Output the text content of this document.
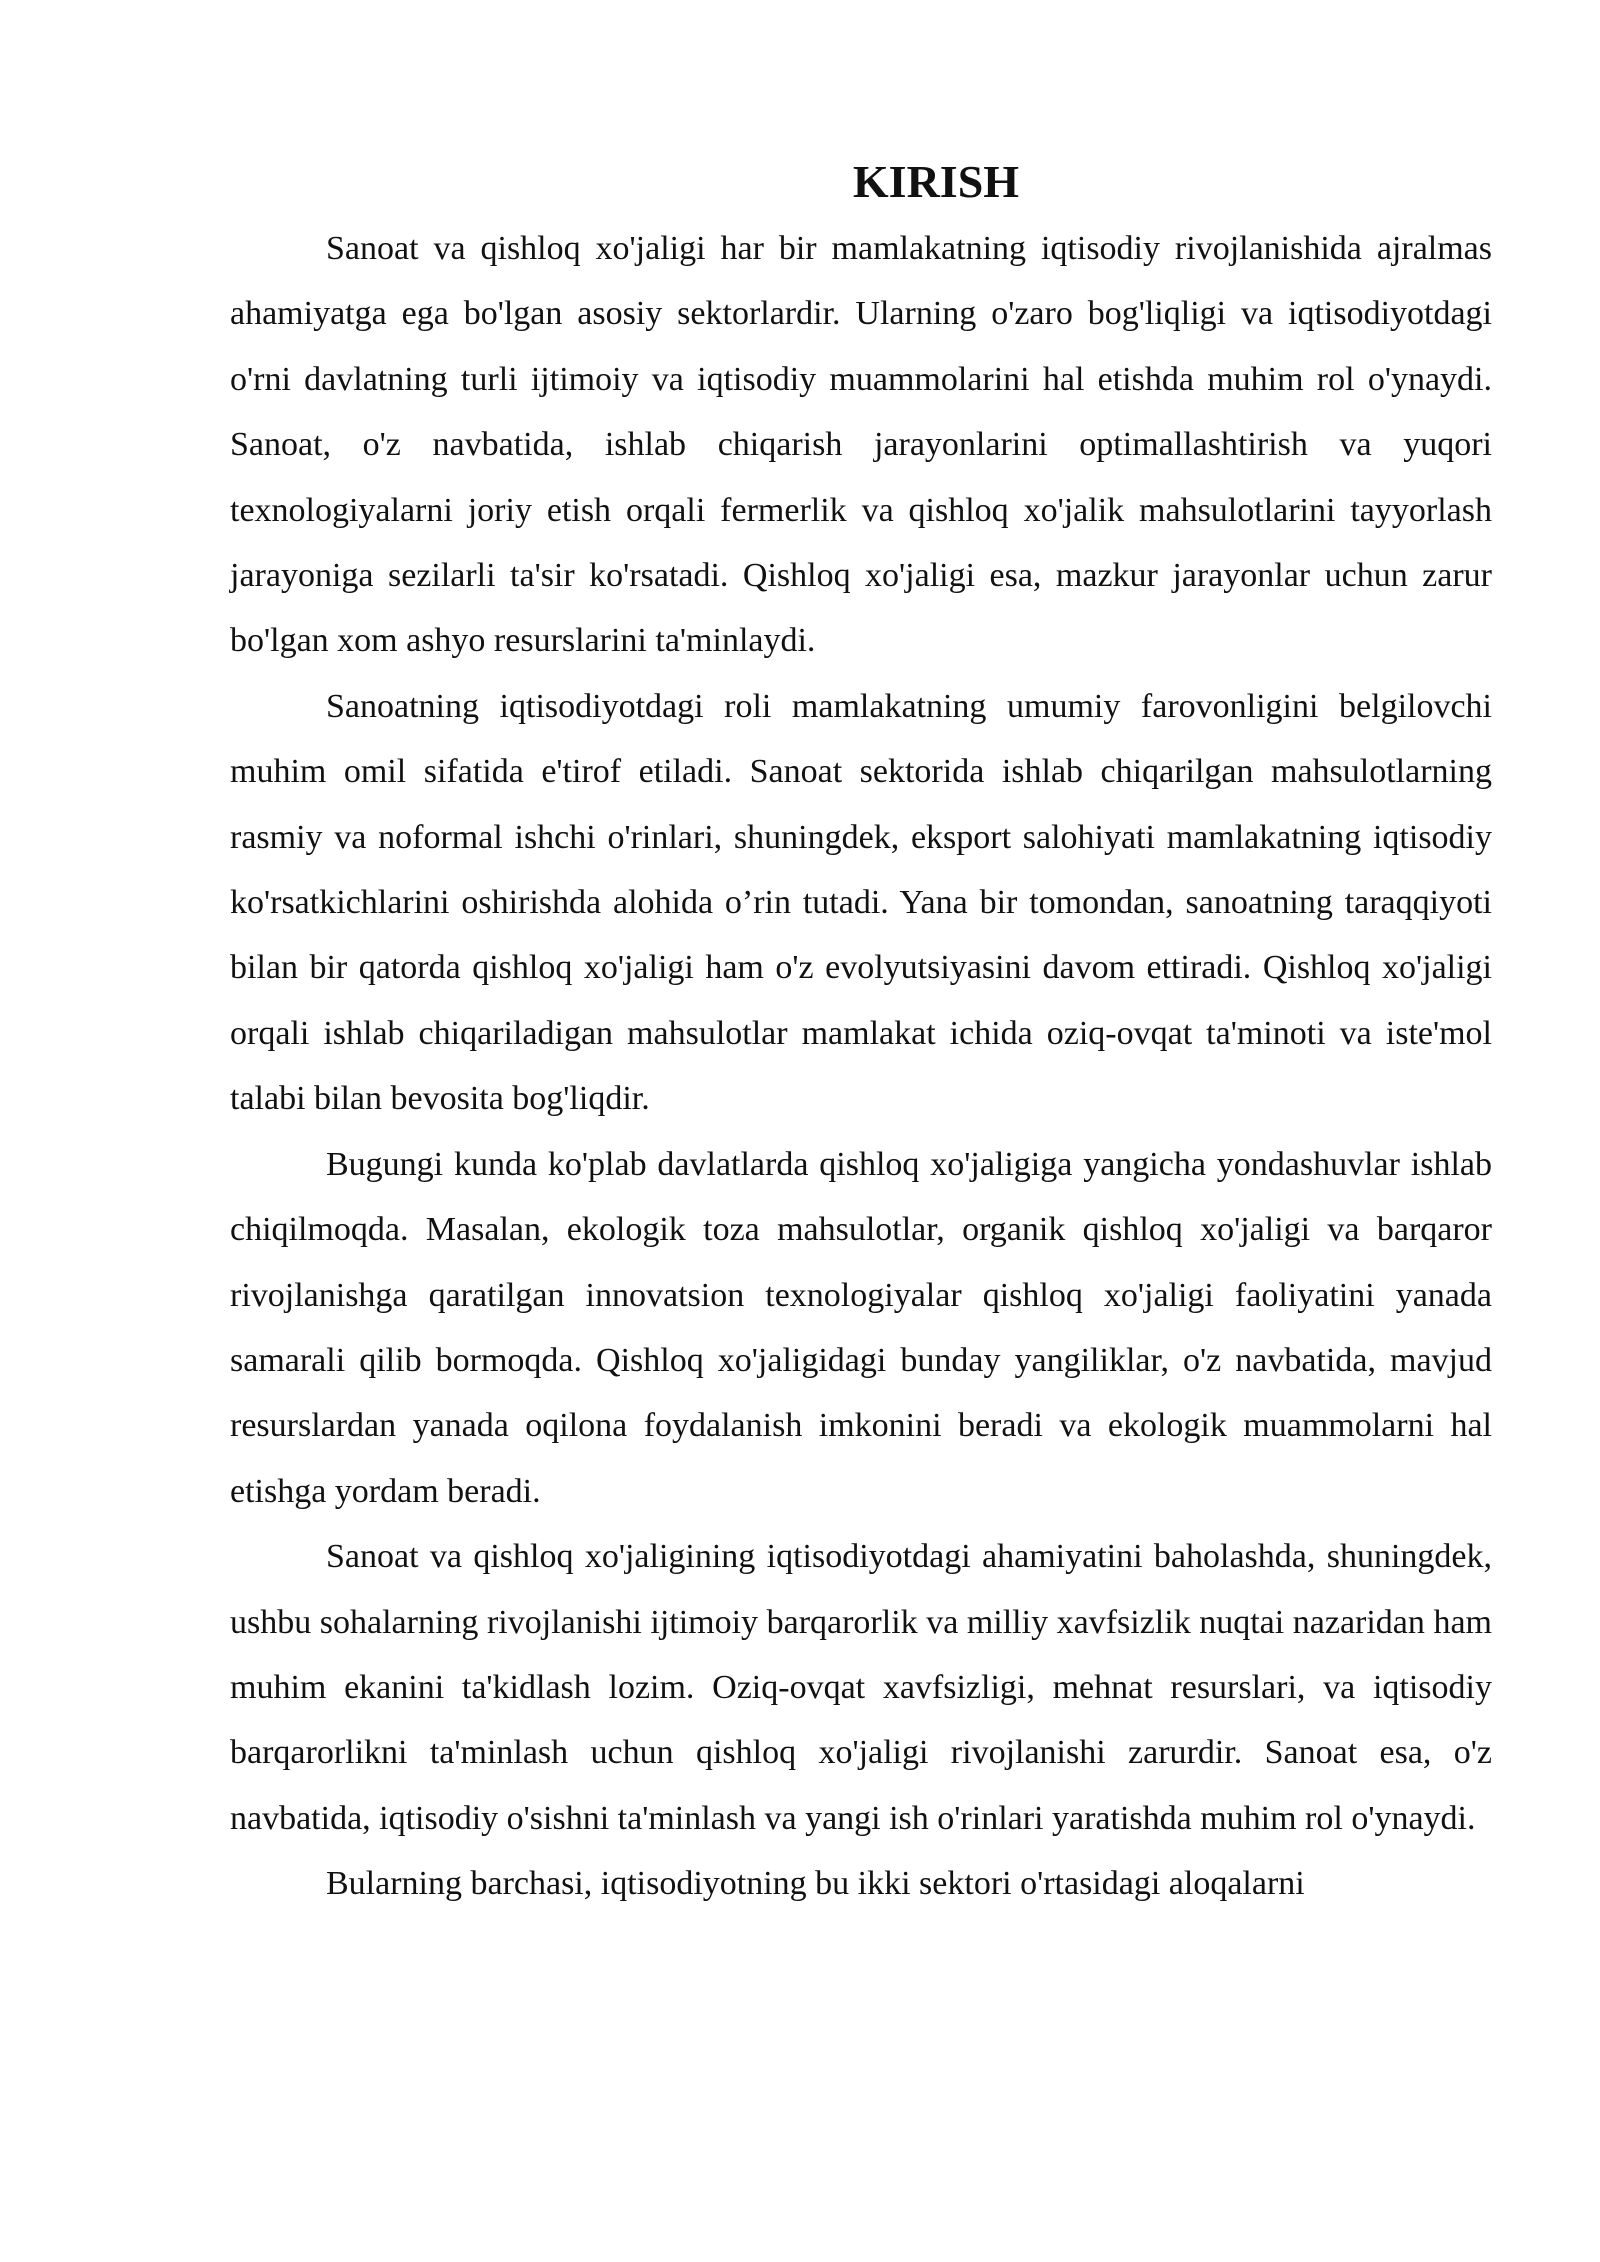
KIRISH

Sanoat va qishloq xo'jaligi har bir mamlakatning iqtisodiy rivojlanishida ajralmas ahamiyatga ega bo'lgan asosiy sektorlardir. Ularning o'zaro bog'liqligi va iqtisodiyotdagi o'rni davlatning turli ijtimoiy va iqtisodiy muammolarini hal etishda muhim rol o'ynaydi. Sanoat, o'z navbatida, ishlab chiqarish jarayonlarini optimallashtirish va yuqori texnologiyalarni joriy etish orqali fermerlik va qishloq xo'jalik mahsulotlarini tayyorlash jarayoniga sezilarli ta'sir ko'rsatadi. Qishloq xo'jaligi esa, mazkur jarayonlar uchun zarur bo'lgan xom ashyo resurslarini ta'minlaydi.

Sanoatning iqtisodiyotdagi roli mamlakatning umumiy farovonligini belgilovchi muhim omil sifatida e'tirof etiladi. Sanoat sektorida ishlab chiqarilgan mahsulotlarning rasmiy va noformal ishchi o'rinlari, shuningdek, eksport salohiyati mamlakatning iqtisodiy ko'rsatkichlarini oshirishda alohida o’rin tutadi. Yana bir tomondan, sanoatning taraqqiyoti bilan bir qatorda qishloq xo'jaligi ham o'z evolyutsiyasini davom ettiradi. Qishloq xo'jaligi orqali ishlab chiqariladigan mahsulotlar mamlakat ichida oziq-ovqat ta'minoti va iste'mol talabi bilan bevosita bog'liqdir.

Bugungi kunda ko'plab davlatlarda qishloq xo'jaligiga yangicha yondashuvlar ishlab chiqilmoqda. Masalan, ekologik toza mahsulotlar, organik qishloq xo'jaligi va barqaror rivojlanishga qaratilgan innovatsion texnologiyalar qishloq xo'jaligi faoliyatini yanada samarali qilib bormoqda. Qishloq xo'jaligidagi bunday yangiliklar, o'z navbatida, mavjud resurslardan yanada oqilona foydalanish imkonini beradi va ekologik muammolarni hal etishga yordam beradi.

Sanoat va qishloq xo'jaligining iqtisodiyotdagi ahamiyatini baholashda, shuningdek, ushbu sohalarning rivojlanishi ijtimoiy barqarorlik va milliy xavfsizlik nuqtai nazaridan ham muhim ekanini ta'kidlash lozim. Oziq-ovqat xavfsizligi, mehnat resurslari, va iqtisodiy barqarorlikni ta'minlash uchun qishloq xo'jaligi rivojlanishi zarurdir. Sanoat esa, o'z navbatida, iqtisodiy o'sishni ta'minlash va yangi ish o'rinlari yaratishda muhim rol o'ynaydi.

Bularning barchasi, iqtisodiyotning bu ikki sektori o'rtasidagi aloqalarni
